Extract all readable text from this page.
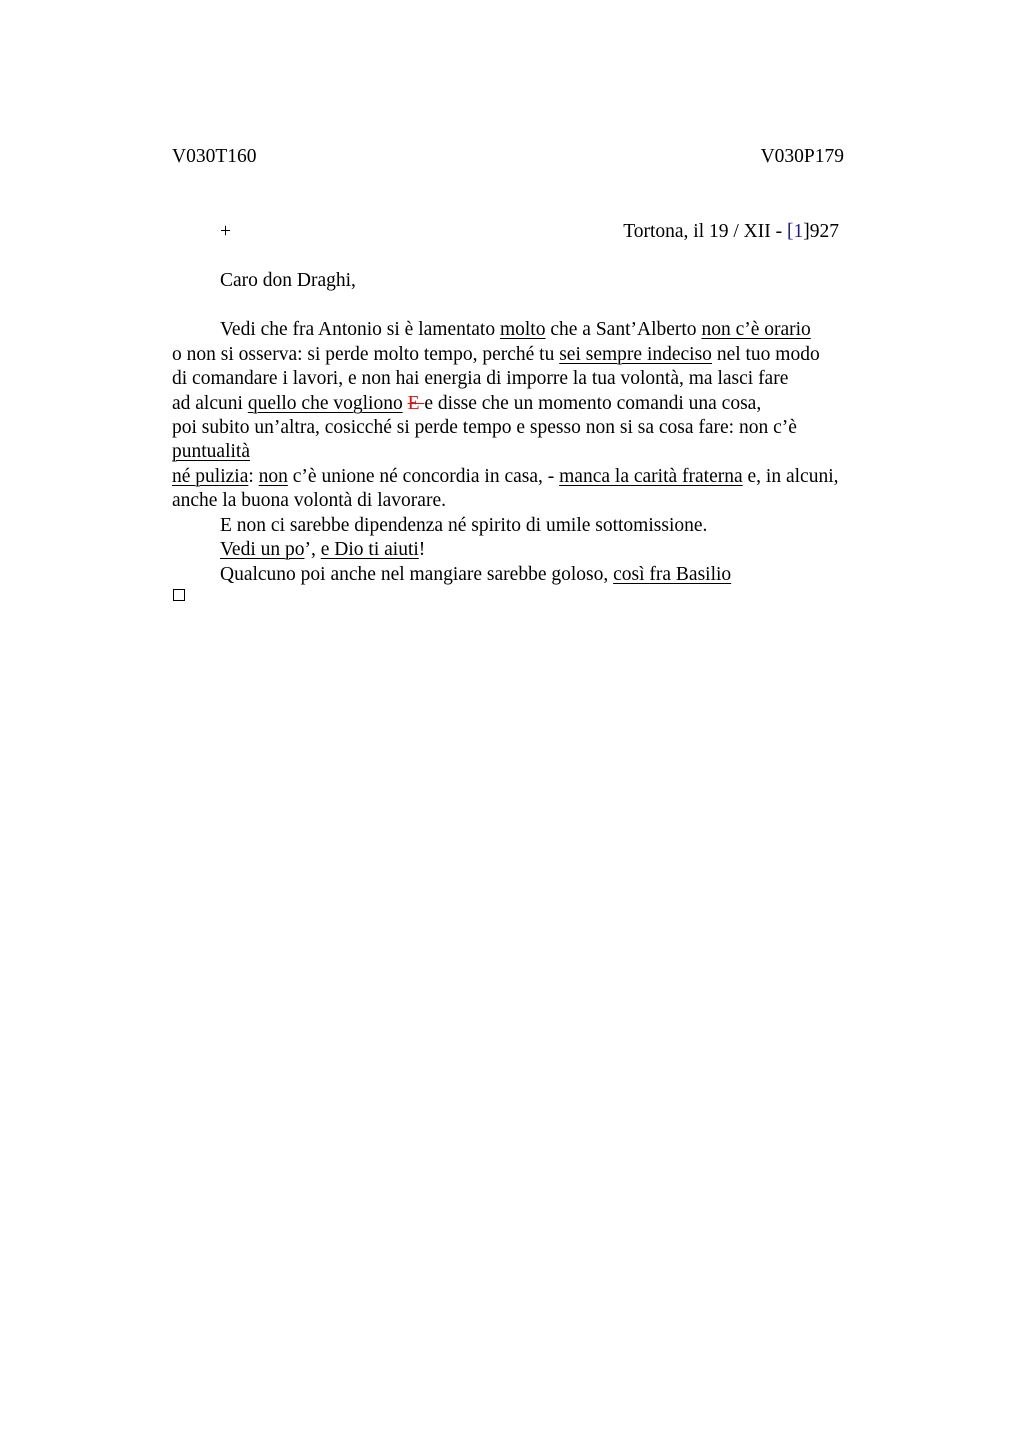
V030T160	V030P179
+	Tortona, il 19 / XII - [1]927
Caro don Draghi,
Vedi che fra Antonio si è lamentato molto che a Sant’Alberto non c’è orario
o non si osserva: si perde molto tempo, perché tu sei sempre indeciso nel tuo modo
di comandare i lavori, e non hai energia di imporre la tua volontà, ma lasci fare
ad alcuni quello che vogliono E e disse che un momento comandi una cosa,
poi subito un’altra, cosicché si perde tempo e spesso non si sa cosa fare: non c’è
puntualità
né pulizia: non c’è unione né concordia in casa, - manca la carità fraterna e, in alcuni,
anche la buona volontà di lavorare.
E non ci sarebbe dipendenza né spirito di umile sottomissione.
Vedi un po’, e Dio ti aiuti!
Qualcuno poi anche nel mangiare sarebbe goloso, così fra Basilio
